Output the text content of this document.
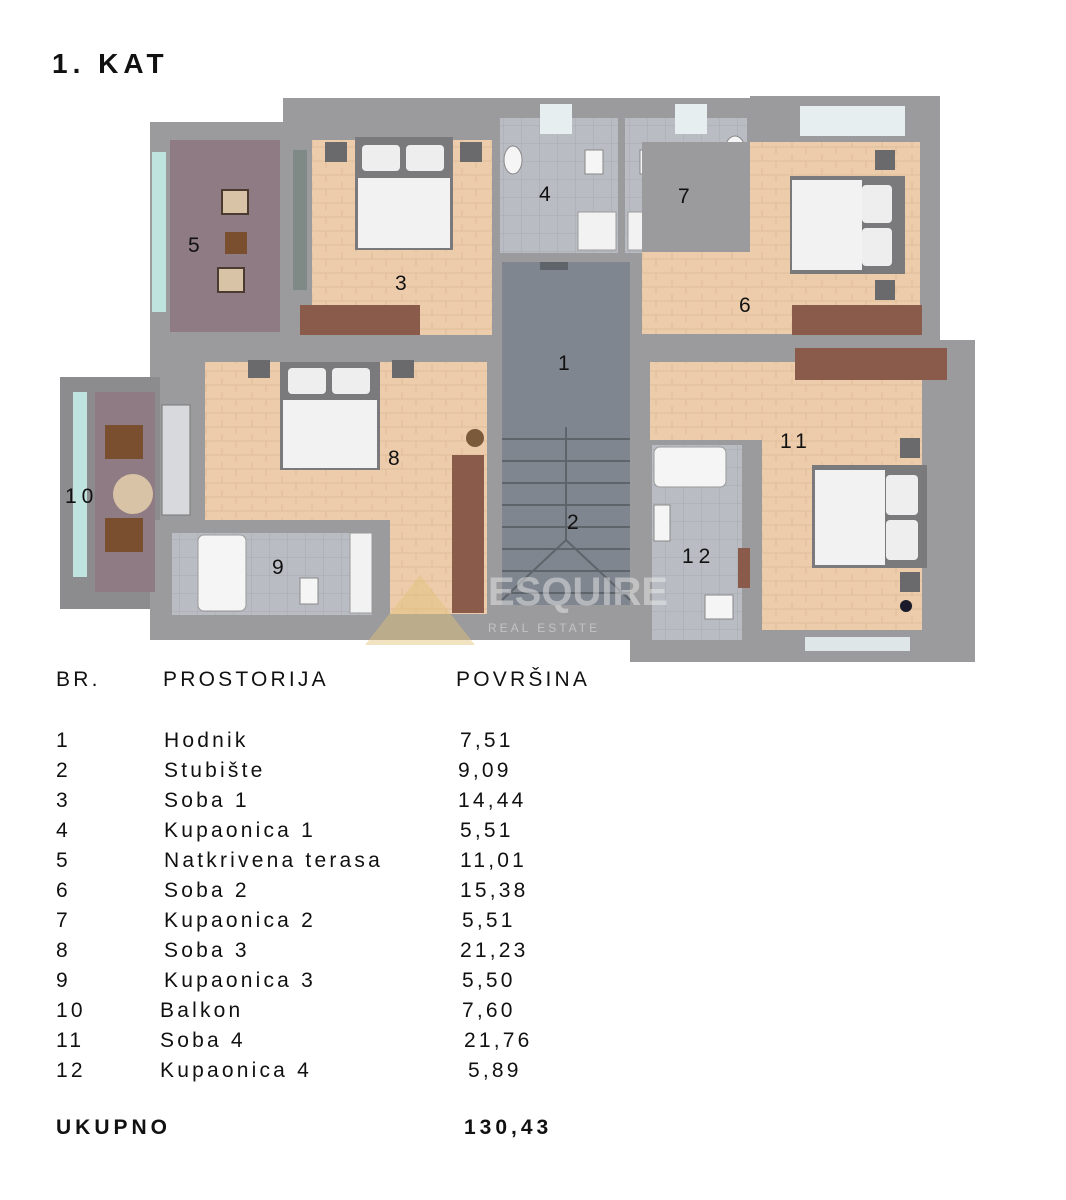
1. KAT
ESQUIRE
REAL ESTATE
1
2
3
4
5
6
7
8
9
10
11
12
BR.	PROSTORIJA	POVRŠINA
1	Hodnik	7,51
2	Stubište	9,09
3	Soba 1	14,44
4	Kupaonica 1	5,51
5	Natkrivena terasa	11,01
6	Soba 2	15,38
7	Kupaonica 2	5,51
8	Soba 3	21,23
9	Kupaonica 3	5,50
10	Balkon	7,60
11	Soba 4	21,76
12	Kupaonica 4	5,89
UKUPNO	130,43
